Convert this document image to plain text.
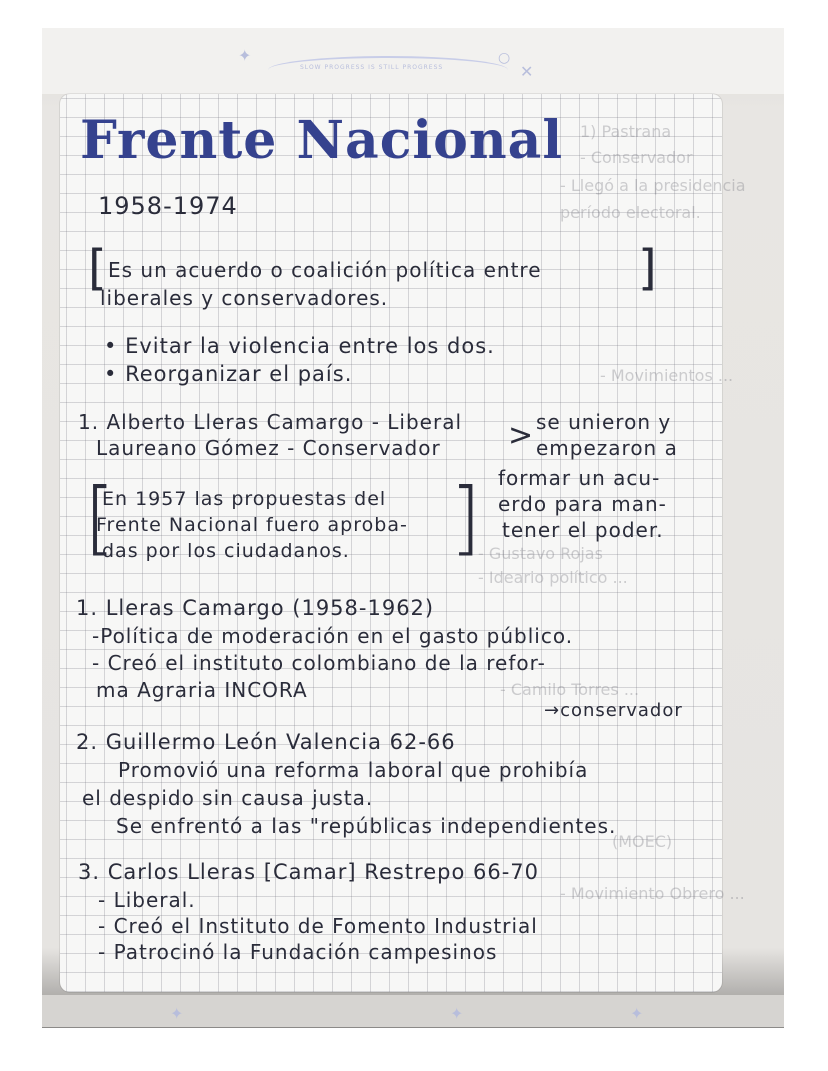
SLOW PROGRESS IS STILL PROGRESS
✦
✕
○
1) Pastrana
- Conservador
- Llegó a la presidencia
período electoral.
- Movimientos ...
- Gustavo Rojas
- Ideario político ...
(MOEC)
- Movimiento Obrero ...
- Camilo Torres ...
Frente Nacional
1958-1974
[ Es un acuerdo o coalición política entre
liberales y conservadores.
]
• Evitar la violencia entre los dos.
• Reorganizar el país.
1. Alberto Lleras Camargo - Liberal
Laureano Gómez - Conservador > se unieron y
empezaron a
formar un acu-
erdo para man-
tener el poder.
[
En 1957 las propuestas del
Frente Nacional fuero aproba-
das por los ciudadanos. ]
1. Lleras Camargo (1958-1962)
-Política de moderación en el gasto público.
- Creó el instituto colombiano de la refor-
ma Agraria INCORA
→conservador
2. Guillermo León Valencia 62-66
Promovió una reforma laboral que prohibía
el despido sin causa justa.
Se enfrentó a las "repúblicas independientes.
3. Carlos Lleras [Camar] Restrepo 66-70
- Liberal.
- Creó el Instituto de Fomento Industrial
- Patrocinó la Fundación campesinos
✦	✦	✦
